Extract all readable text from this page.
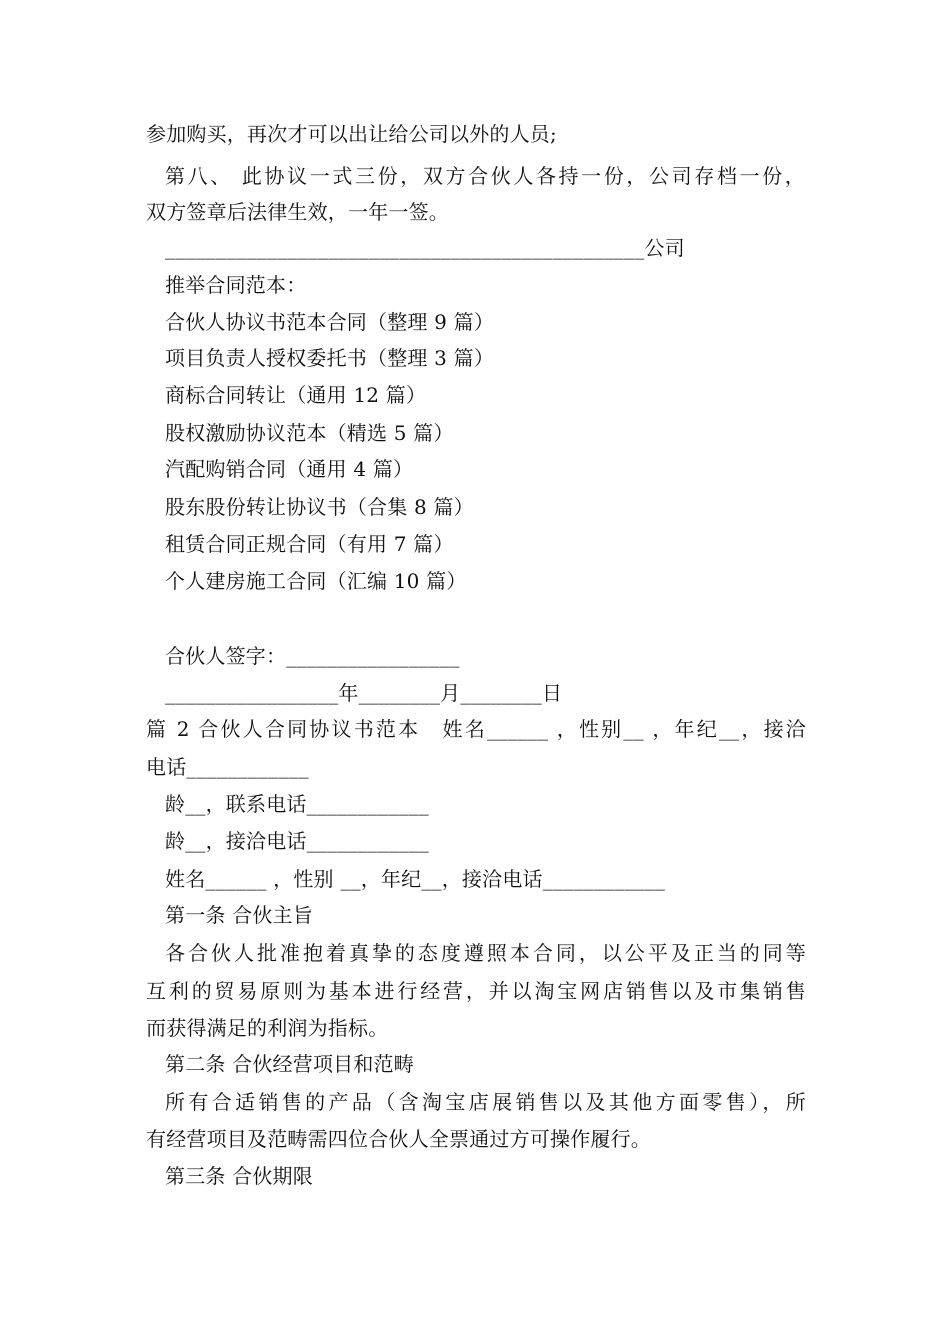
参加购买，再次才可以出让给公司以外的人员;
第八、 此协议一式三份，双方合伙人各持一份，公司存档一份，
双方签章后法律生效，一年一签。
_______________________________________________公司
推举合同范本：
合伙人协议书范本合同（整理 9 篇）
项目负责人授权委托书（整理 3 篇）
商标合同转让（通用 12 篇）
股权激励协议范本（精选 5 篇）
汽配购销合同（通用 4 篇）
股东股份转让协议书（合集 8 篇）
租赁合同正规合同（有用 7 篇）
个人建房施工合同（汇编 10 篇）
合伙人签字：_________________
_________________年________月________日
篇 2 合伙人合同协议书范本　姓名______ ，性别__ ，年纪__，接洽
电话____________
龄__，联系电话____________
龄__，接洽电话____________
姓名______ ，性别 __，年纪__，接洽电话____________
第一条 合伙主旨
各合伙人批准抱着真挚的态度遵照本合同，以公平及正当的同等
互利的贸易原则为基本进行经营，并以淘宝网店销售以及市集销售
而获得满足的利润为指标。
第二条 合伙经营项目和范畴
所有合适销售的产品（含淘宝店展销售以及其他方面零售），所
有经营项目及范畴需四位合伙人全票通过方可操作履行。
第三条 合伙期限
